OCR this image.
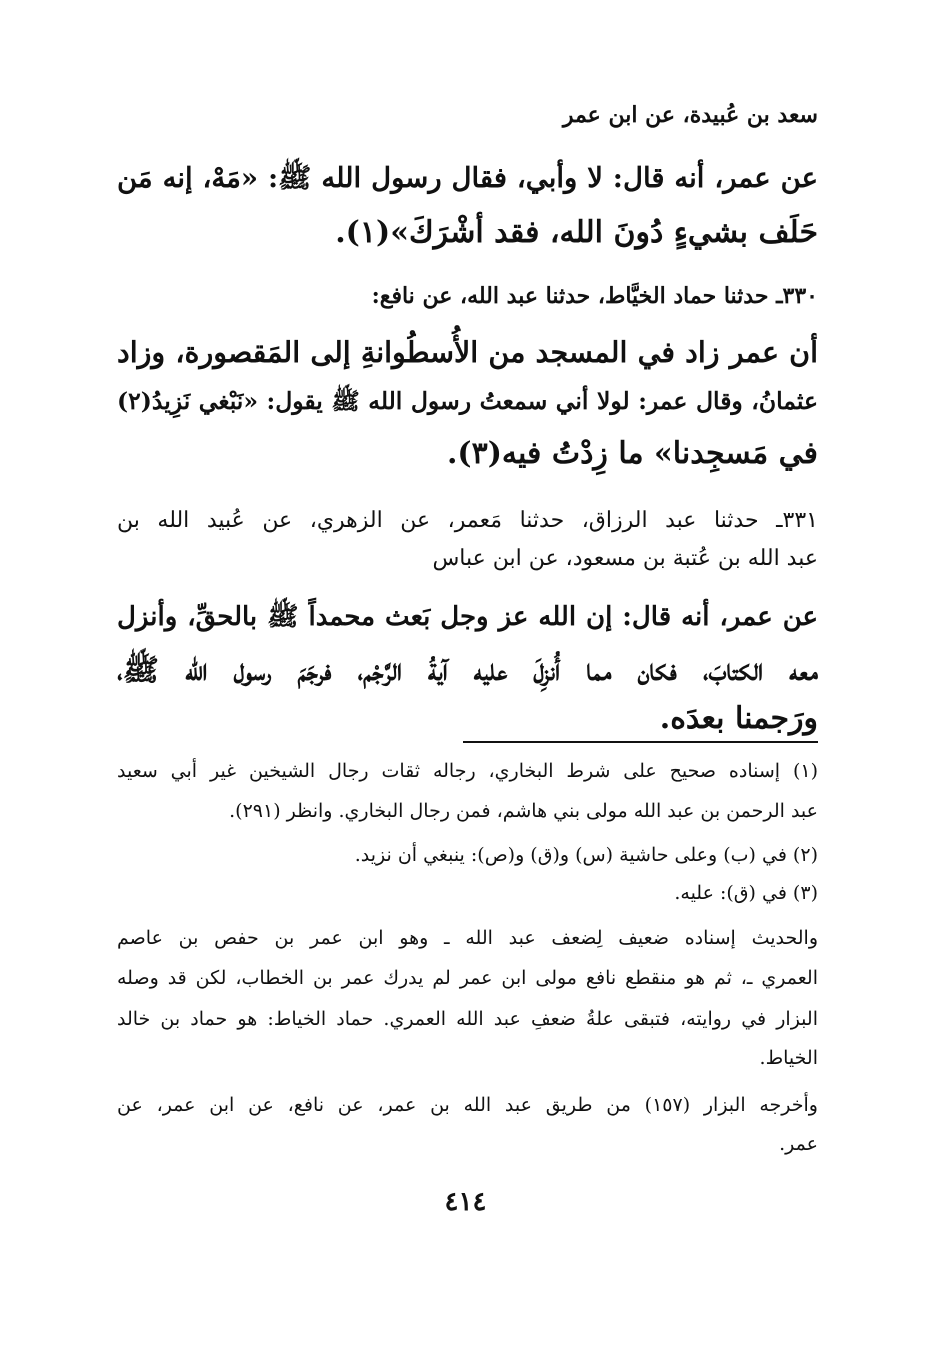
سعد بن عُبيدة، عن ابن عمر

عن عمر، أنه قال: لا وأبي، فقال رسول الله ﷺ: «مَهْ، إنه مَن

حَلَف بشيءٍ دُونَ الله، فقد أشْرَكَ»(١).

٣٣٠ـ حدثنا حماد الخيَّاط، حدثنا عبد الله، عن نافع:

أن عمر زاد في المسجد من الأُسطُوانةِ إلى المَقصورة، وزاد

عثمانُ، وقال عمر: لولا أني سمعتُ رسول الله ﷺ يقول: «نَبْغي نَزِيدُ(٢)

في مَسجِدنا» ما زِدْتُ فيه(٣).

٣٣١ـ حدثنا عبد الرزاق، حدثنا مَعمر، عن الزهري، عن عُبيد الله بن

عبد الله بن عُتبة بن مسعود، عن ابن عباس

عن عمر، أنه قال: إن الله عز وجل بَعث محمداً ﷺ بالحقِّ، وأنزل

معه الكتابَ، فكان مما أُنزِلَ عليه آيةُ الرَّجْم، فرجَمَ رسول الله ﷺ،

ورَجمنا بعدَه.

(١) إسناده صحيح على شرط البخاري، رجاله ثقات رجال الشيخين غير أبي سعيد

عبد الرحمن بن عبد الله مولى بني هاشم، فمن رجال البخاري. وانظر (٢٩١).

(٢) في (ب) وعلى حاشية (س) و(ق) و(ص): ينبغي أن نزيد.

(٣) في (ق): عليه.

والحديث إسناده ضعيف لِضعف عبد الله ـ وهو ابن عمر بن حفص بن عاصم

العمري ـ، ثم هو منقطع نافع مولى ابن عمر لم يدرك عمر بن الخطاب، لكن قد وصله

البزار في روايته، فتبقى علةُ ضعفِ عبد الله العمري. حماد الخياط: هو حماد بن خالد

الخياط.

وأخرجه البزار (١٥٧) من طريق عبد الله بن عمر، عن نافع، عن ابن عمر، عن

عمر.

٤١٤
